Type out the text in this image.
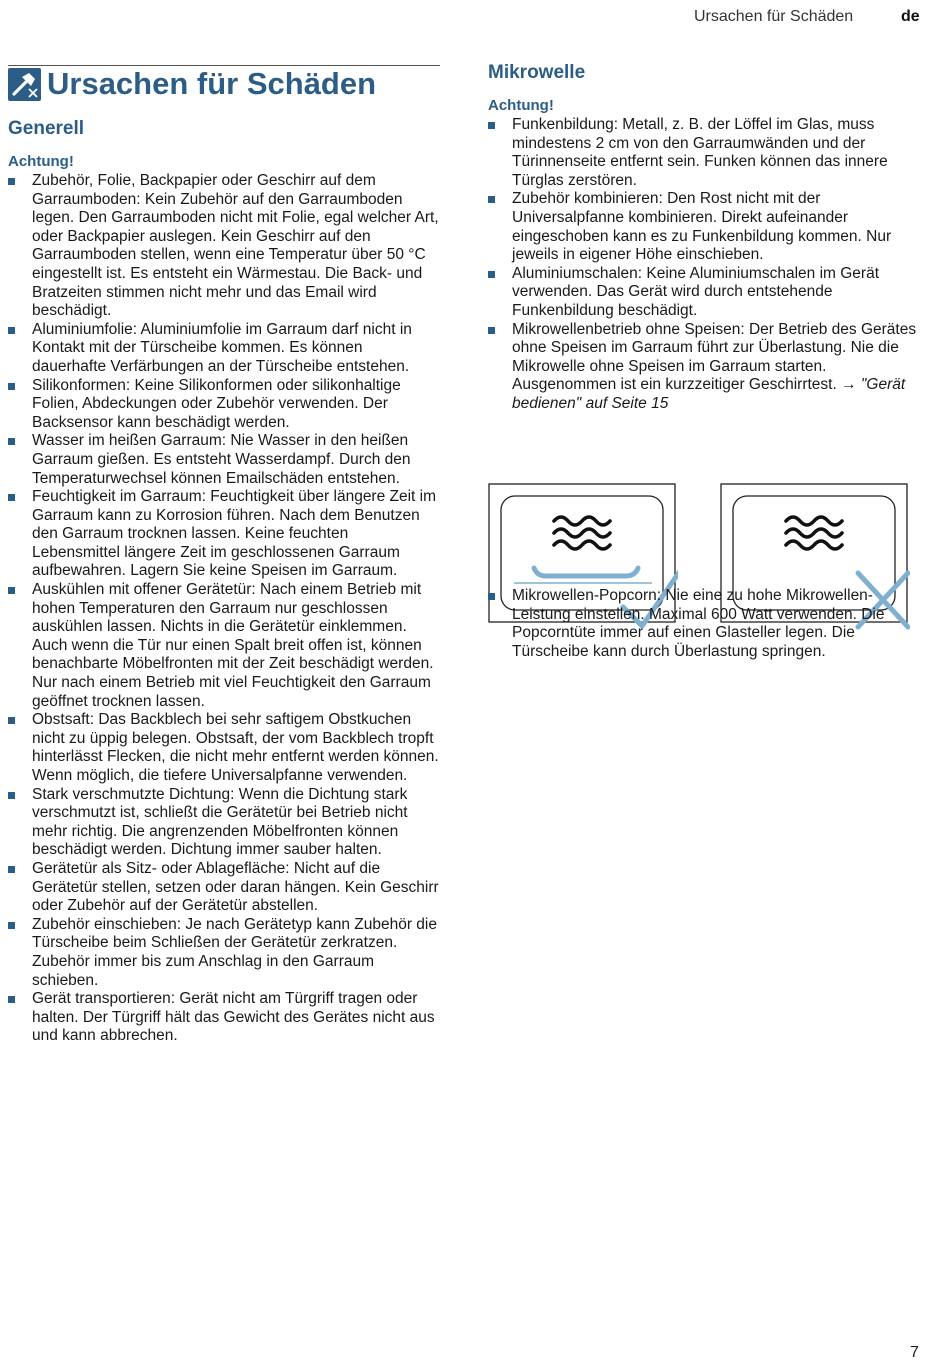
Ursachen für Schäden	de
Ursachen für Schäden
Generell
Achtung!
Zubehör, Folie, Backpapier oder Geschirr auf dem Garraumboden: Kein Zubehör auf den Garraumboden legen. Den Garraumboden nicht mit Folie, egal welcher Art, oder Backpapier auslegen. Kein Geschirr auf den Garraumboden stellen, wenn eine Temperatur über 50 °C eingestellt ist. Es entsteht ein Wärmestau. Die Back- und Bratzeiten stimmen nicht mehr und das Email wird beschädigt.
Aluminiumfolie: Aluminiumfolie im Garraum darf nicht in Kontakt mit der Türscheibe kommen. Es können dauerhafte Verfärbungen an der Türscheibe entstehen.
Silikonformen: Keine Silikonformen oder silikonhaltige Folien, Abdeckungen oder Zubehör verwenden. Der Backsensor kann beschädigt werden.
Wasser im heißen Garraum: Nie Wasser in den heißen Garraum gießen. Es entsteht Wasserdampf. Durch den Temperaturwechsel können Emailschäden entstehen.
Feuchtigkeit im Garraum: Feuchtigkeit über längere Zeit im Garraum kann zu Korrosion führen. Nach dem Benutzen den Garraum trocknen lassen. Keine feuchten Lebensmittel längere Zeit im geschlossenen Garraum aufbewahren. Lagern Sie keine Speisen im Garraum.
Auskühlen mit offener Gerätetür: Nach einem Betrieb mit hohen Temperaturen den Garraum nur geschlossen auskühlen lassen. Nichts in die Gerätetür einklemmen. Auch wenn die Tür nur einen Spalt breit offen ist, können benachbarte Möbelfronten mit der Zeit beschädigt werden. Nur nach einem Betrieb mit viel Feuchtigkeit den Garraum geöffnet trocknen lassen.
Obstsaft: Das Backblech bei sehr saftigem Obstkuchen nicht zu üppig belegen. Obstsaft, der vom Backblech tropft hinterlässt Flecken, die nicht mehr entfernt werden können. Wenn möglich, die tiefere Universalpfanne verwenden.
Stark verschmutzte Dichtung: Wenn die Dichtung stark verschmutzt ist, schließt die Gerätetür bei Betrieb nicht mehr richtig. Die angrenzenden Möbelfronten können beschädigt werden. Dichtung immer sauber halten.
Gerätetür als Sitz- oder Ablagefläche: Nicht auf die Gerätetür stellen, setzen oder daran hängen. Kein Geschirr oder Zubehör auf der Gerätetür abstellen.
Zubehör einschieben: Je nach Gerätetyp kann Zubehör die Türscheibe beim Schließen der Gerätetür zerkratzen. Zubehör immer bis zum Anschlag in den Garraum schieben.
Gerät transportieren: Gerät nicht am Türgriff tragen oder halten. Der Türgriff hält das Gewicht des Gerätes nicht aus und kann abbrechen.
Mikrowelle
Achtung!
Funkenbildung: Metall, z. B. der Löffel im Glas, muss mindestens 2 cm von den Garraumwänden und der Türinnenseite entfernt sein. Funken können das innere Türglas zerstören.
Zubehör kombinieren: Den Rost nicht mit der Universalpfanne kombinieren. Direkt aufeinander eingeschoben kann es zu Funkenbildung kommen. Nur jeweils in eigener Höhe einschieben.
Aluminiumschalen: Keine Aluminiumschalen im Gerät verwenden. Das Gerät wird durch entstehende Funkenbildung beschädigt.
Mikrowellenbetrieb ohne Speisen: Der Betrieb des Gerätes ohne Speisen im Garraum führt zur Überlastung. Nie die Mikrowelle ohne Speisen im Garraum starten. Ausgenommen ist ein kurzzeitiger Geschirrtest. → "Gerät bedienen" auf Seite 15
Mikrowellen-Popcorn: Nie eine zu hohe Mikrowellen-Leistung einstellen. Maximal 600 Watt verwenden. Die Popcorntüte immer auf einen Glasteller legen. Die Türscheibe kann durch Überlastung springen.
7
